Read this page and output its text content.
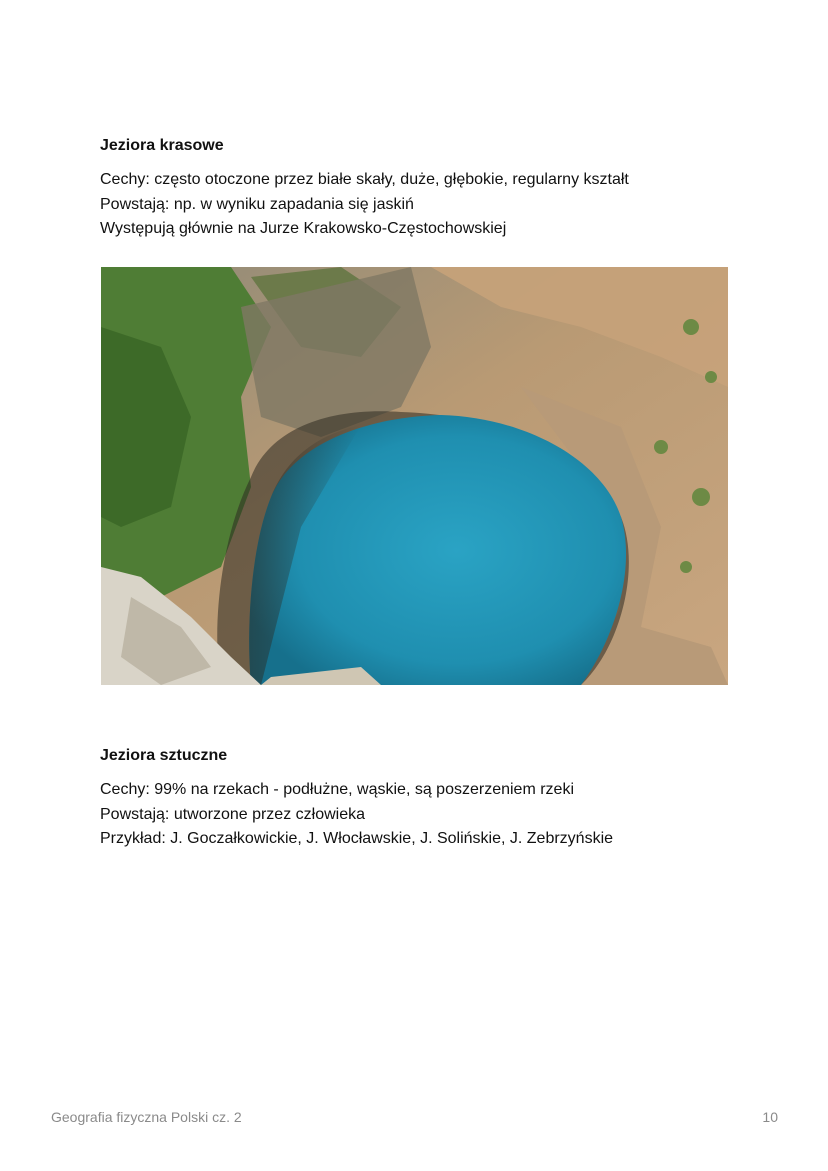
Jeziora krasowe

Cechy: często otoczone przez białe skały, duże, głębokie, regularny kształt

Powstają: np. w wyniku zapadania się jaskiń

Występują głównie na Jurze Krakowsko-Częstochowskiej

Jeziora sztuczne

Cechy: 99% na rzekach - podłużne, wąskie, są poszerzeniem rzeki

Powstają: utworzone przez człowieka

Przykład: J. Goczałkowickie, J. Włocławskie, J. Solińskie, J. Zebrzyńskie

Geografia fizyczna Polski cz. 2	10
